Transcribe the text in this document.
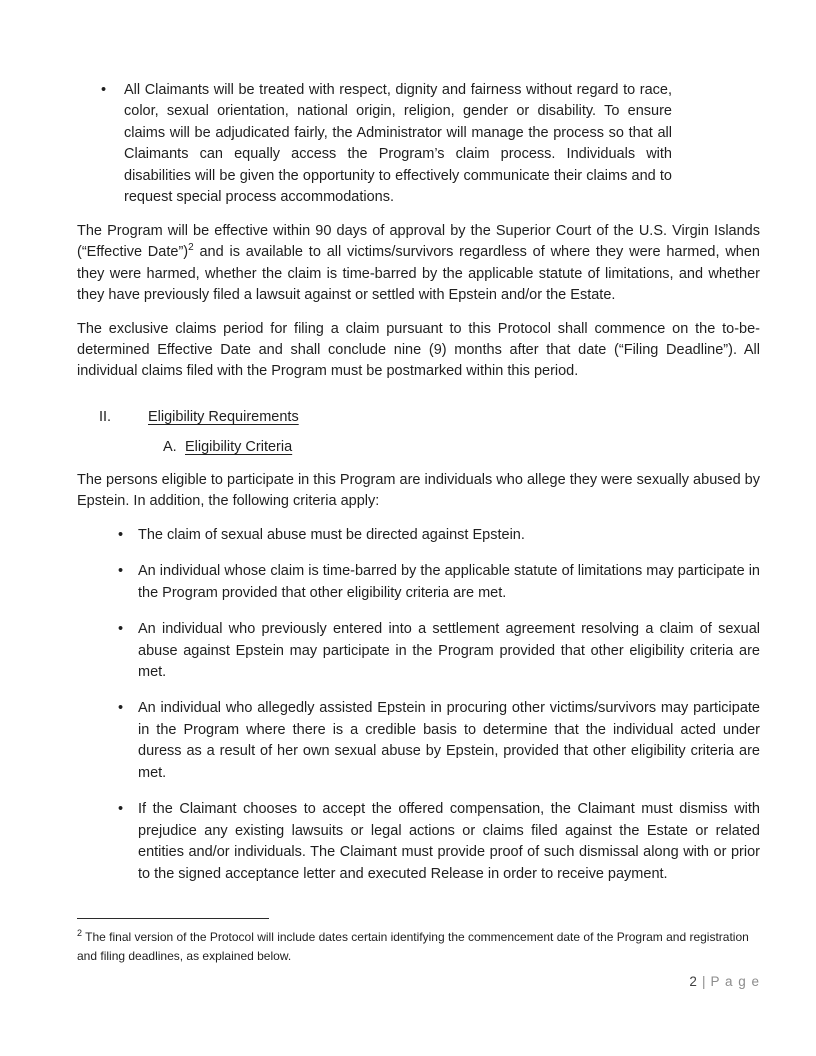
•	All Claimants will be treated with respect, dignity and fairness without regard to race, color, sexual orientation, national origin, religion, gender or disability. To ensure claims will be adjudicated fairly, the Administrator will manage the process so that all Claimants can equally access the Program’s claim process. Individuals with disabilities will be given the opportunity to effectively communicate their claims and to request special process accommodations.

The Program will be effective within 90 days of approval by the Superior Court of the U.S. Virgin Islands (“Effective Date”)$^2$ and is available to all victims/survivors regardless of where they were harmed, when they were harmed, whether the claim is time-barred by the applicable statute of limitations, and whether they have previously filed a lawsuit against or settled with Epstein and/or the Estate.

The exclusive claims period for filing a claim pursuant to this Protocol shall commence on the to-be-determined Effective Date and shall conclude nine (9) months after that date (“Filing Deadline”). All individual claims filed with the Program must be postmarked within this period.

II.	Eligibility Requirements
A. Eligibility Criteria

The persons eligible to participate in this Program are individuals who allege they were sexually abused by Epstein. In addition, the following criteria apply:

•	The claim of sexual abuse must be directed against Epstein.
•	An individual whose claim is time-barred by the applicable statute of limitations may participate in the Program provided that other eligibility criteria are met.
•	An individual who previously entered into a settlement agreement resolving a claim of sexual abuse against Epstein may participate in the Program provided that other eligibility criteria are met.
•	An individual who allegedly assisted Epstein in procuring other victims/survivors may participate in the Program where there is a credible basis to determine that the individual acted under duress as a result of her own sexual abuse by Epstein, provided that other eligibility criteria are met.
•	If the Claimant chooses to accept the offered compensation, the Claimant must dismiss with prejudice any existing lawsuits or legal actions or claims filed against the Estate or related entities and/or individuals. The Claimant must provide proof of such dismissal along with or prior to the signed acceptance letter and executed Release in order to receive payment.

$^2$ The final version of the Protocol will include dates certain identifying the commencement date of the Program and registration and filing deadlines, as explained below.

2 | P a g e
